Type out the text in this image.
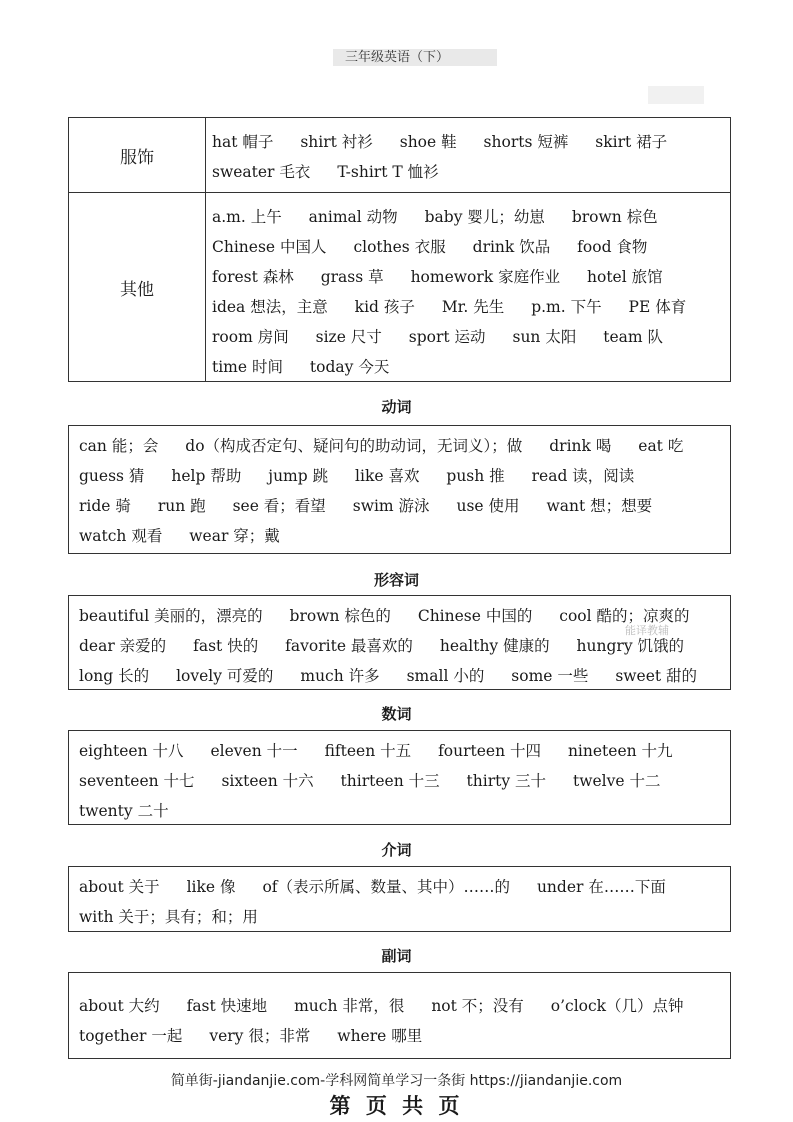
三年级英语（下）
服饰
hat 帽子 shirt 衬衫 shoe 鞋 shorts 短裤 skirt 裙子 sweater 毛衣 T-shirt T 恤衫
其他
a.m. 上午 animal 动物 baby 婴儿；幼崽 brown 棕色 Chinese 中国人 clothes 衣服 drink 饮品 food 食物 forest 森林 grass 草 homework 家庭作业 hotel 旅馆 idea 想法，主意 kid 孩子 Mr. 先生 p.m. 下午 PE 体育 room 房间 size 尺寸 sport 运动 sun 太阳 team 队 time 时间 today 今天
动词
can 能；会 do（构成否定句、疑问句的助动词，无词义）；做 drink 喝 eat 吃 guess 猜 help 帮助 jump 跳 like 喜欢 push 推 read 读，阅读 ride 骑 run 跑 see 看；看望 swim 游泳 use 使用 want 想；想要 watch 观看 wear 穿；戴
形容词
beautiful 美丽的，漂亮的 brown 棕色的 Chinese 中国的 cool 酷的；凉爽的 dear 亲爱的 fast 快的 favorite 最喜欢的 healthy 健康的 hungry 饥饿的 long 长的 lovely 可爱的 much 许多 small 小的 some 一些 sweet 甜的
能译教辅
数词
eighteen 十八 eleven 十一 fifteen 十五 fourteen 十四 nineteen 十九 seventeen 十七 sixteen 十六 thirteen 十三 thirty 三十 twelve 十二 twenty 二十
介词
about 关于 like 像 of（表示所属、数量、其中）……的 under 在……下面 with 关于；具有；和；用
副词
about 大约 fast 快速地 much 非常，很 not 不；没有 o’clock（几）点钟 together 一起 very 很；非常 where 哪里
简单街-jiandanjie.com-学科网简单学习一条街 https://jiandanjie.com
第 页 共 页
